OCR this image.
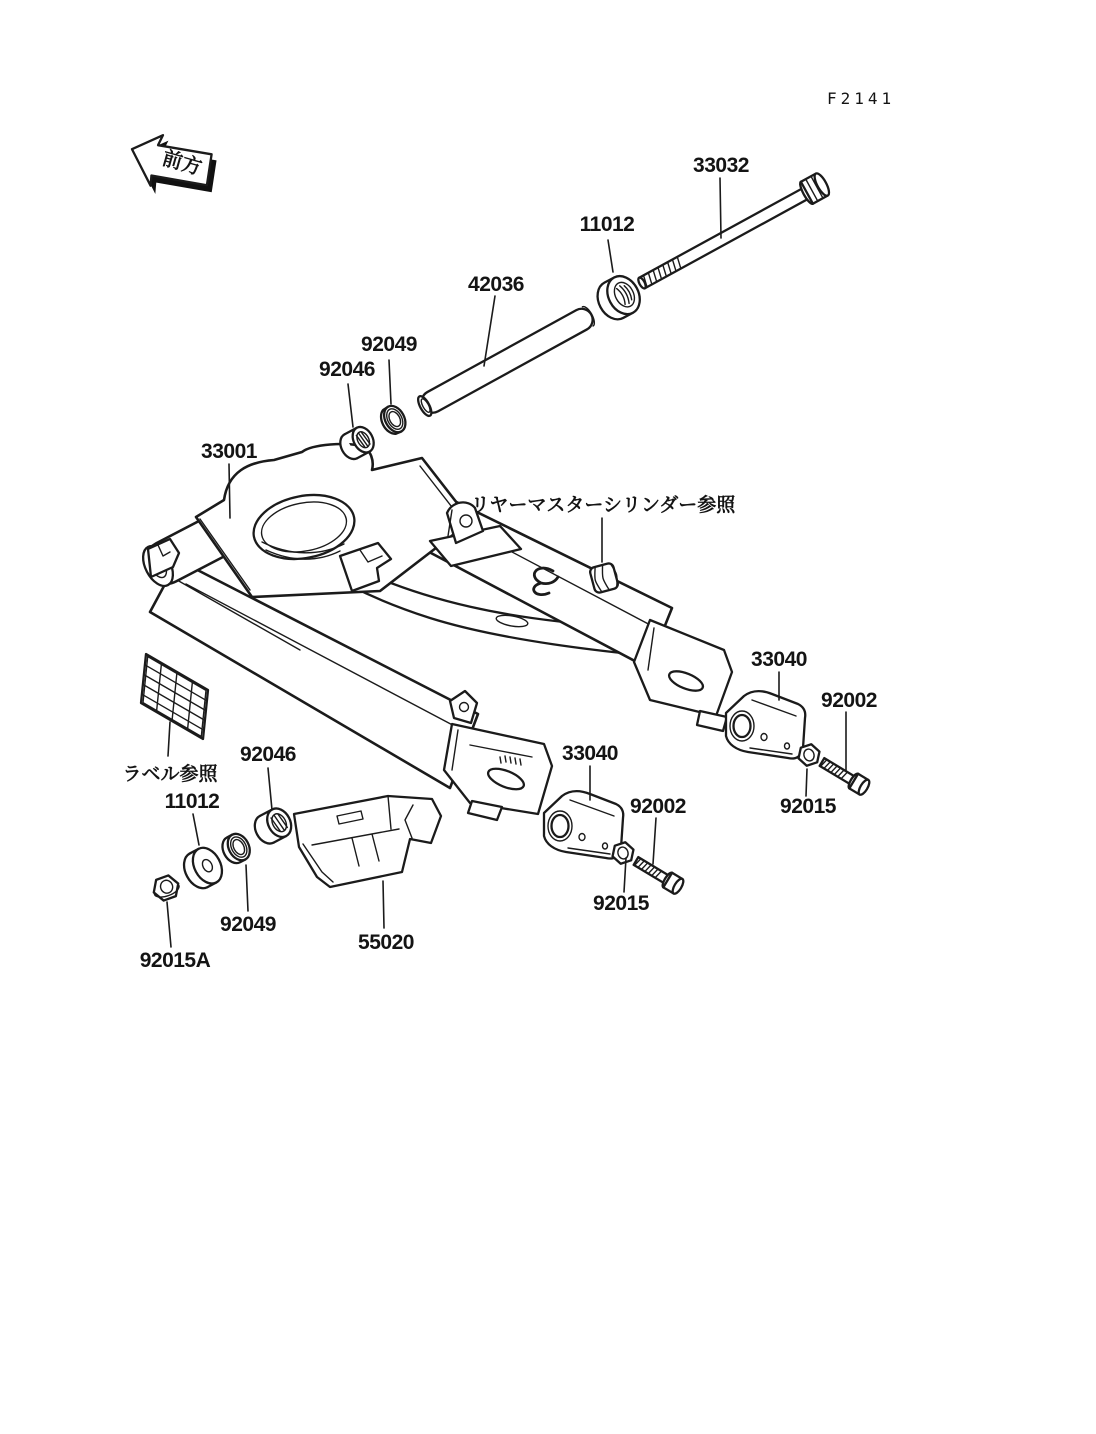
前方
F2141
33001
33032
11012
42036
92049
92046
33040
92002
92015
33040
92002
92015
92046
11012
92049
55020
92015A
リヤーマスターシリンダー参照
ラベル参照
